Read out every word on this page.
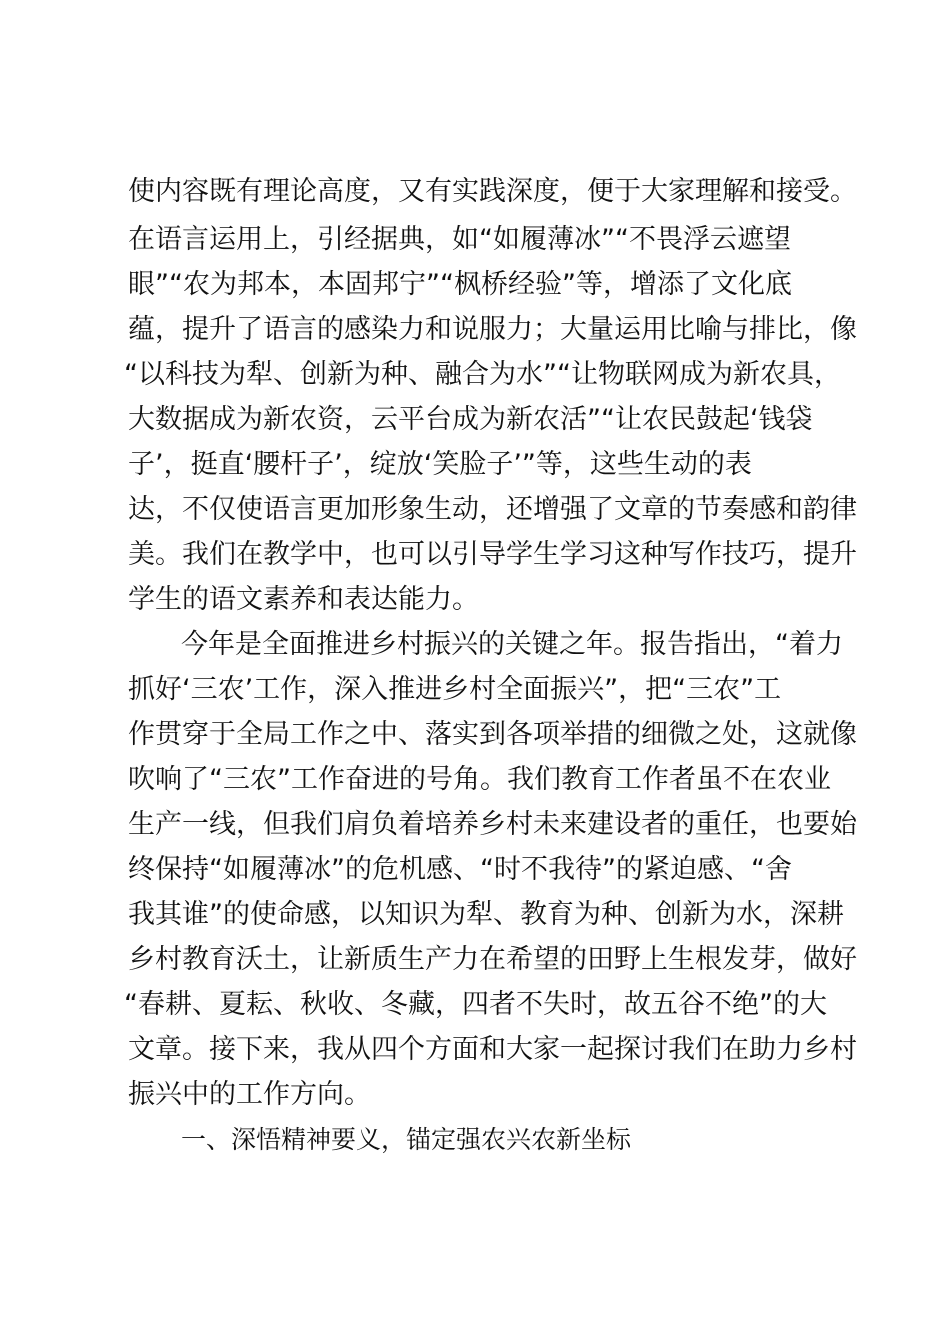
使内容既有理论高度，又有实践深度，便于大家理解和接受。
在语言运用上，引经据典，如“如履薄冰”“不畏浮云遮望
眼”“农为邦本，本固邦宁”“枫桥经验”等，增添了文化底
蕴，提升了语言的感染力和说服力；大量运用比喻与排比，像
“以科技为犁、创新为种、融合为水”“让物联网成为新农具，
大数据成为新农资，云平台成为新农活”“让农民鼓起‘钱袋
子’，挺直‘腰杆子’，绽放‘笑脸子’”等，这些生动的表
达，不仅使语言更加形象生动，还增强了文章的节奏感和韵律
美。我们在教学中，也可以引导学生学习这种写作技巧，提升
学生的语文素养和表达能力。
今年是全面推进乡村振兴的关键之年。报告指出，“着力
抓好‘三农’工作，深入推进乡村全面振兴”，把“三农”工
作贯穿于全局工作之中、落实到各项举措的细微之处，这就像
吹响了“三农”工作奋进的号角。我们教育工作者虽不在农业
生产一线，但我们肩负着培养乡村未来建设者的重任，也要始
终保持“如履薄冰”的危机感、“时不我待”的紧迫感、“舍
我其谁”的使命感，以知识为犁、教育为种、创新为水，深耕
乡村教育沃土，让新质生产力在希望的田野上生根发芽，做好
“春耕、夏耘、秋收、冬藏，四者不失时，故五谷不绝”的大
文章。接下来，我从四个方面和大家一起探讨我们在助力乡村
振兴中的工作方向。
一、深悟精神要义，锚定强农兴农新坐标
